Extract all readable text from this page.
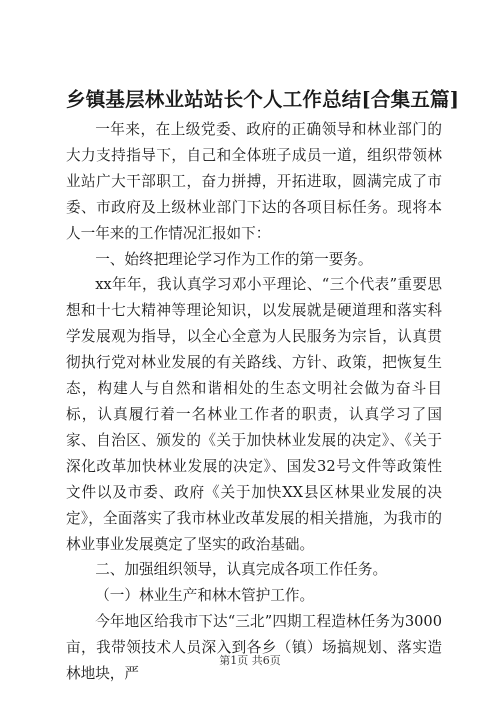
乡镇基层林业站站长个人工作总结[合集五篇]

一年来，在上级党委、政府的正确领导和林业部门的大力支持指导下，自己和全体班子成员一道，组织带领林业站广大干部职工，奋力拼搏，开拓进取，圆满完成了市委、市政府及上级林业部门下达的各项目标任务。现将本人一年来的工作情况汇报如下：

一、始终把理论学习作为工作的第一要务。

xx年年，我认真学习邓小平理论、“三个代表”重要思想和十七大精神等理论知识，以发展就是硬道理和落实科学发展观为指导，以全心全意为人民服务为宗旨，认真贯彻执行党对林业发展的有关路线、方针、政策，把恢复生态，构建人与自然和谐相处的生态文明社会做为奋斗目标，认真履行着一名林业工作者的职责，认真学习了国家、自治区、颁发的《关于加快林业发展的决定》、《关于深化改革加快林业发展的决定》、国发32号文件等政策性文件以及市委、政府《关于加快XX县区林果业发展的决定》，全面落实了我市林业改革发展的相关措施，为我市的林业事业发展奠定了坚实的政治基础。

二、加强组织领导，认真完成各项工作任务。

（一）林业生产和林木管护工作。

今年地区给我市下达“三北”四期工程造林任务为3000亩，我带领技术人员深入到各乡（镇）场搞规划、落实造林地块，严

第1页 共6页
